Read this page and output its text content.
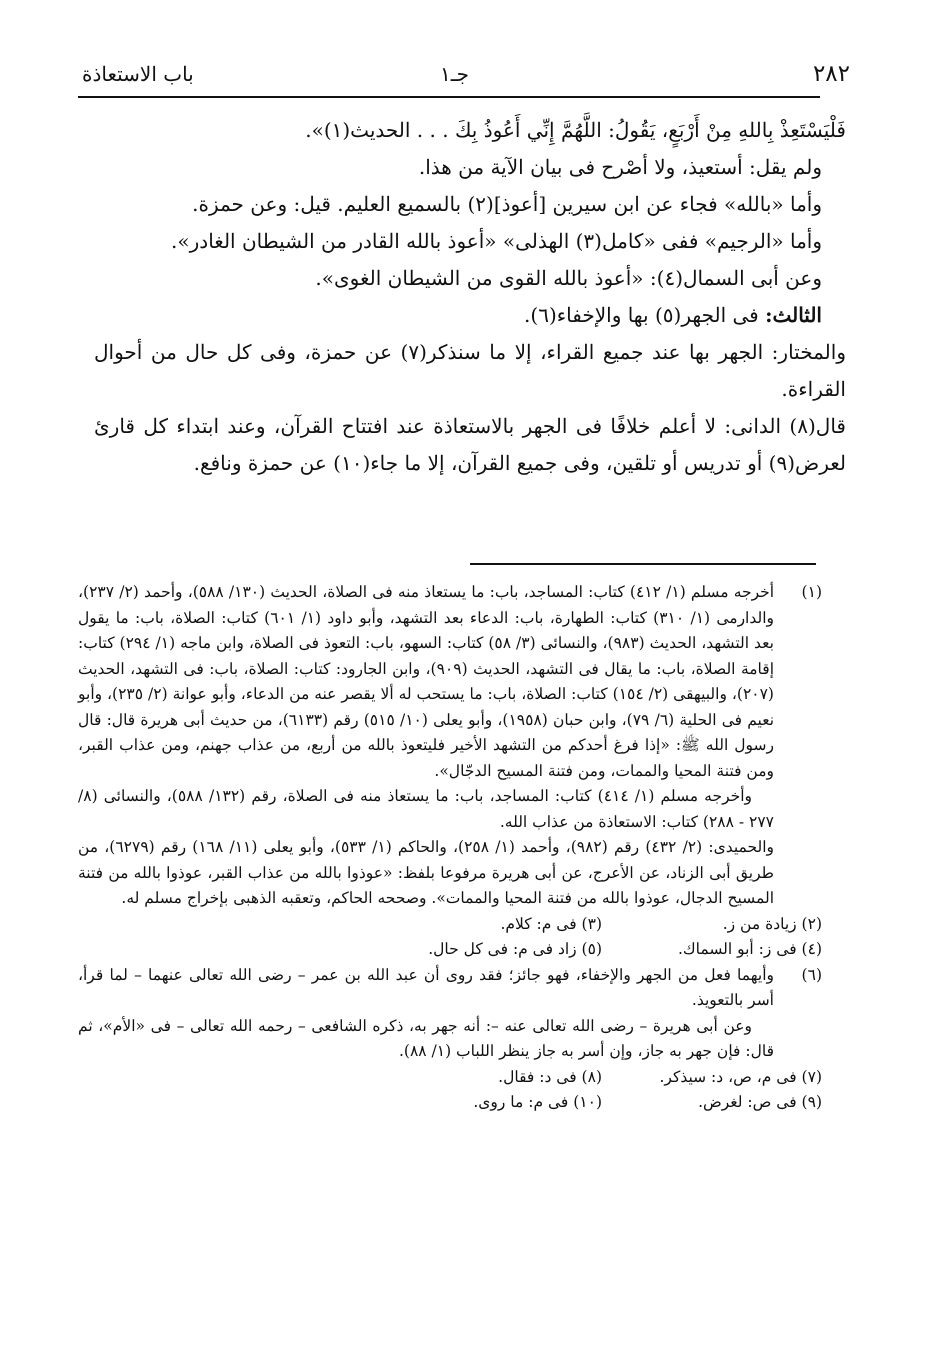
٢٨٢
جـ١
باب الاستعاذة

فَلْيَسْتَعِذْ بِاللهِ مِنْ أَرْبَعٍ، يَقُولُ: اللَّهُمَّ إِنِّي أَعُوذُ بِكَ . . . الحديث(١)».

ولم يقل: أستعيذ، ولا أصْرح فى بيان الآية من هذا.

وأما «بالله» فجاء عن ابن سيرين [أعوذ](٢) بالسميع العليم. قيل: وعن حمزة.

وأما «الرجيم» ففى «كامل(٣) الهذلى» «أعوذ بالله القادر من الشيطان الغادر».

وعن أبى السمال(٤): «أعوذ بالله القوى من الشيطان الغوى».

الثالث: فى الجهر(٥) بها والإخفاء(٦).

والمختار: الجهر بها عند جميع القراء، إلا ما سنذكر(٧) عن حمزة، وفى كل حال من أحوال القراءة.

قال(٨) الدانى: لا أعلم خلافًا فى الجهر بالاستعاذة عند افتتاح القرآن، وعند ابتداء كل قارئ لعرض(٩) أو تدريس أو تلقين، وفى جميع القرآن، إلا ما جاء(١٠) عن حمزة ونافع.

(١)

أخرجه مسلم (١/ ٤١٢) كتاب: المساجد، باب: ما يستعاذ منه فى الصلاة، الحديث (١٣٠/ ٥٨٨)، وأحمد (٢/ ٢٣٧)، والدارمى (١/ ٣١٠) كتاب: الطهارة، باب: الدعاء بعد التشهد، وأبو داود (١/ ٦٠١) كتاب: الصلاة، باب: ما يقول بعد التشهد، الحديث (٩٨٣)، والنسائى (٣/ ٥٨) كتاب: السهو، باب: التعوذ فى الصلاة، وابن ماجه (١/ ٢٩٤) كتاب: إقامة الصلاة، باب: ما يقال فى التشهد، الحديث (٩٠٩)، وابن الجارود: كتاب: الصلاة، باب: فى التشهد، الحديث (٢٠٧)، والبيهقى (٢/ ١٥٤) كتاب: الصلاة، باب: ما يستحب له ألا يقصر عنه من الدعاء، وأبو عوانة (٢/ ٢٣٥)، وأبو نعيم فى الحلية (٦/ ٧٩)، وابن حبان (١٩٥٨)، وأبو يعلى (١٠/ ٥١٥) رقم (٦١٣٣)، من حديث أبى هريرة قال: قال رسول الله ﷺ: «إذا فرغ أحدكم من التشهد الأخير فليتعوذ بالله من أربع، من عذاب جهنم، ومن عذاب القبر، ومن فتنة المحيا والممات، ومن فتنة المسيح الدجّال».

وأخرجه مسلم (١/ ٤١٤) كتاب: المساجد، باب: ما يستعاذ منه فى الصلاة، رقم (١٣٢/ ٥٨٨)، والنسائى (٨/ ٢٧٧ - ٢٨٨) كتاب: الاستعاذة من عذاب الله.

والحميدى: (٢/ ٤٣٢) رقم (٩٨٢)، وأحمد (١/ ٢٥٨)، والحاكم (١/ ٥٣٣)، وأبو يعلى (١١/ ١٦٨) رقم (٦٢٧٩)، من طريق أبى الزناد، عن الأعرج، عن أبى هريرة مرفوعا بلفظ: «عوذوا بالله من عذاب القبر، عوذوا بالله من فتنة المسيح الدجال، عوذوا بالله من فتنة المحيا والممات». وصححه الحاكم، وتعقبه الذهبى بإخراج مسلم له.

(٢) زيادة من ز.
(٣) فى م: كلام.
(٤) فى ز: أبو السماك.
(٥) زاد فى م: فى كل حال.
(٦)

وأيهما فعل من الجهر والإخفاء، فهو جائز؛ فقد روى أن عبد الله بن عمر – رضى الله تعالى عنهما – لما قرأ، أسر بالتعويذ.

وعن أبى هريرة – رضى الله تعالى عنه –: أنه جهر به، ذكره الشافعى – رحمه الله تعالى – فى «الأم»، ثم قال: فإن جهر به جاز، وإن أسر به جاز ينظر اللباب (١/ ٨٨).

(٧) فى م، ص، د: سيذكر.
(٨) فى د: فقال.
(٩) فى ص: لغرض.
(١٠) فى م: ما روى.
